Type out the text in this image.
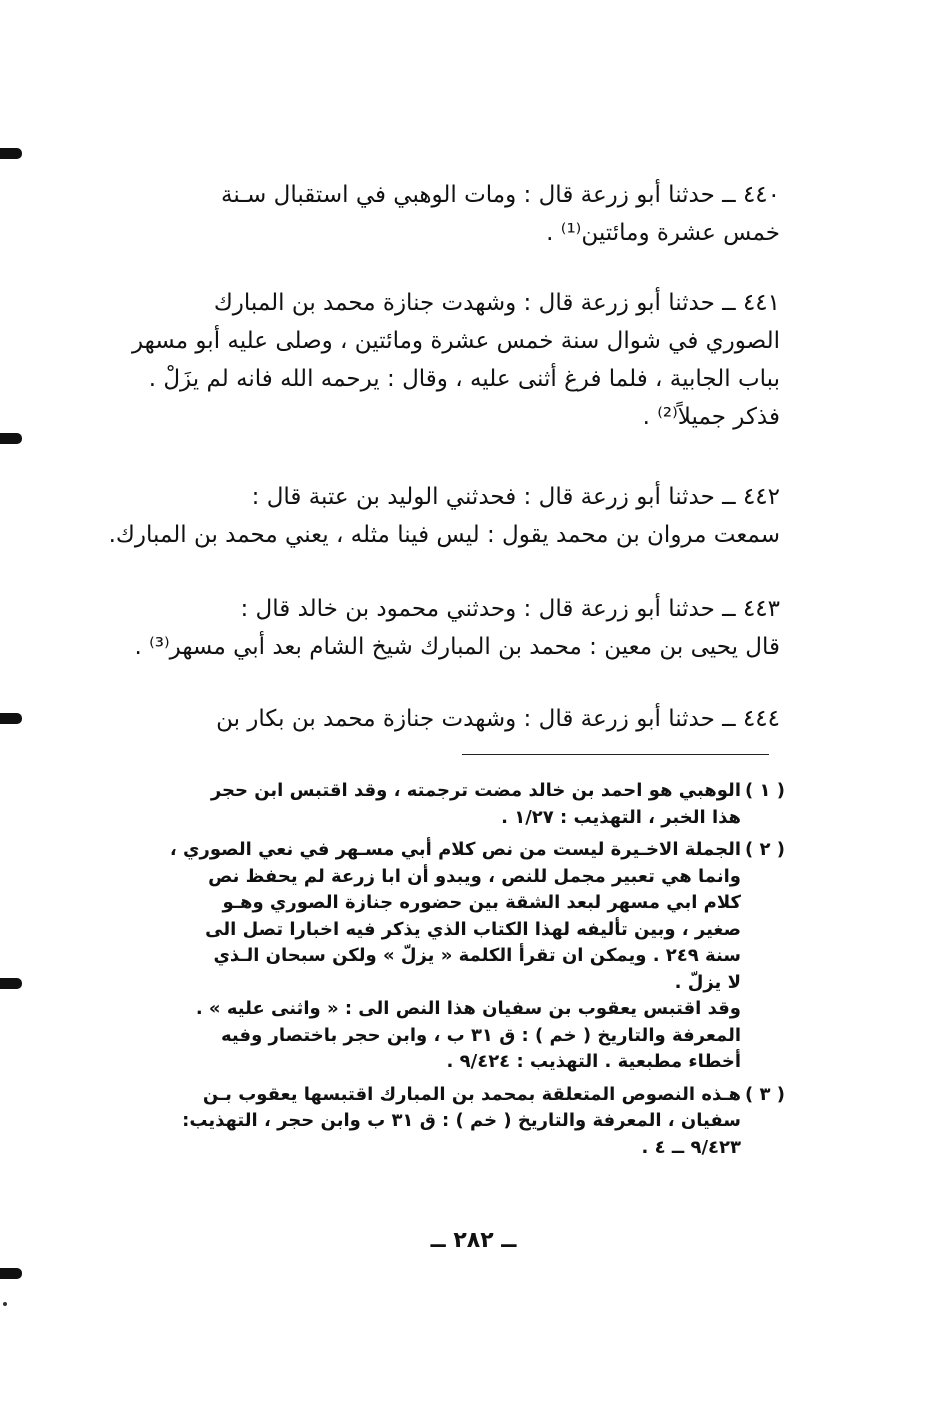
٤٤٠ ــ حدثنا أبو زرعة قال : ومات الوهبي في استقبال سـنة
خمس عشرة ومائتين⁽¹⁾ .
٤٤١ ــ حدثنا أبو زرعة قال : وشهدت جنازة محمد بن المبارك
الصوري في شوال سنة خمس عشرة ومائتين ، وصلى عليه أبو مسهر
بباب الجابية ، فلما فرغ أثنى عليه ، وقال : يرحمه الله فانه لم يزَلْ .
فذكر جميلاً⁽²⁾ .
٤٤٢ ــ حدثنا أبو زرعة قال : فحدثني الوليد بن عتبة قال :
سمعت مروان بن محمد يقول : ليس فينا مثله ، يعني محمد بن المبارك.
٤٤٣ ــ حدثنا أبو زرعة قال : وحدثني محمود بن خالد قال :
قال يحيى بن معين : محمد بن المبارك شيخ الشام بعد أبي مسهر⁽³⁾ .
٤٤٤ ــ حدثنا أبو زرعة قال : وشهدت جنازة محمد بن بكار بن
( ١ )
الوهبي هو احمد بن خالد مضت ترجمته ، وقد اقتبس ابن حجر
هذا الخبر ، التهذيب : ١/٢٧ .
( ٢ )
الجملة الاخـيرة ليست من نص كلام أبي مسـهر في نعي الصوري ،
وانما هي تعبير مجمل للنص ، ويبدو أن ابا زرعة لم يحفظ نص
كلام ابي مسهر لبعد الشقة بين حضوره جنازة الصوري وهـو
صغير ، وبين تأليفه لهذا الكتاب الذي يذكر فيه اخبارا تصل الى
سنة ٢٤٩ . ويمكن ان تقرأ الكلمة « يزلّ » ولكن سبحان الـذي
لا يزلّ .
وقد اقتبس يعقوب بن سفيان هذا النص الى : « واثنى عليه » .
المعرفة والتاريخ ( خم ) : ق ٣١ ب ، وابن حجر باختصار وفيه
أخطاء مطبعية . التهذيب : ٩/٤٢٤ .
( ٣ )
هـذه النصوص المتعلقة بمحمد بن المبارك اقتبسها يعقوب بـن
سفيان ، المعرفة والتاريخ ( خم ) : ق ٣١ ب وابن حجر ، التهذيب:
٩/٤٢٣ ــ ٤ .
ــ ٢٨٢ ــ
